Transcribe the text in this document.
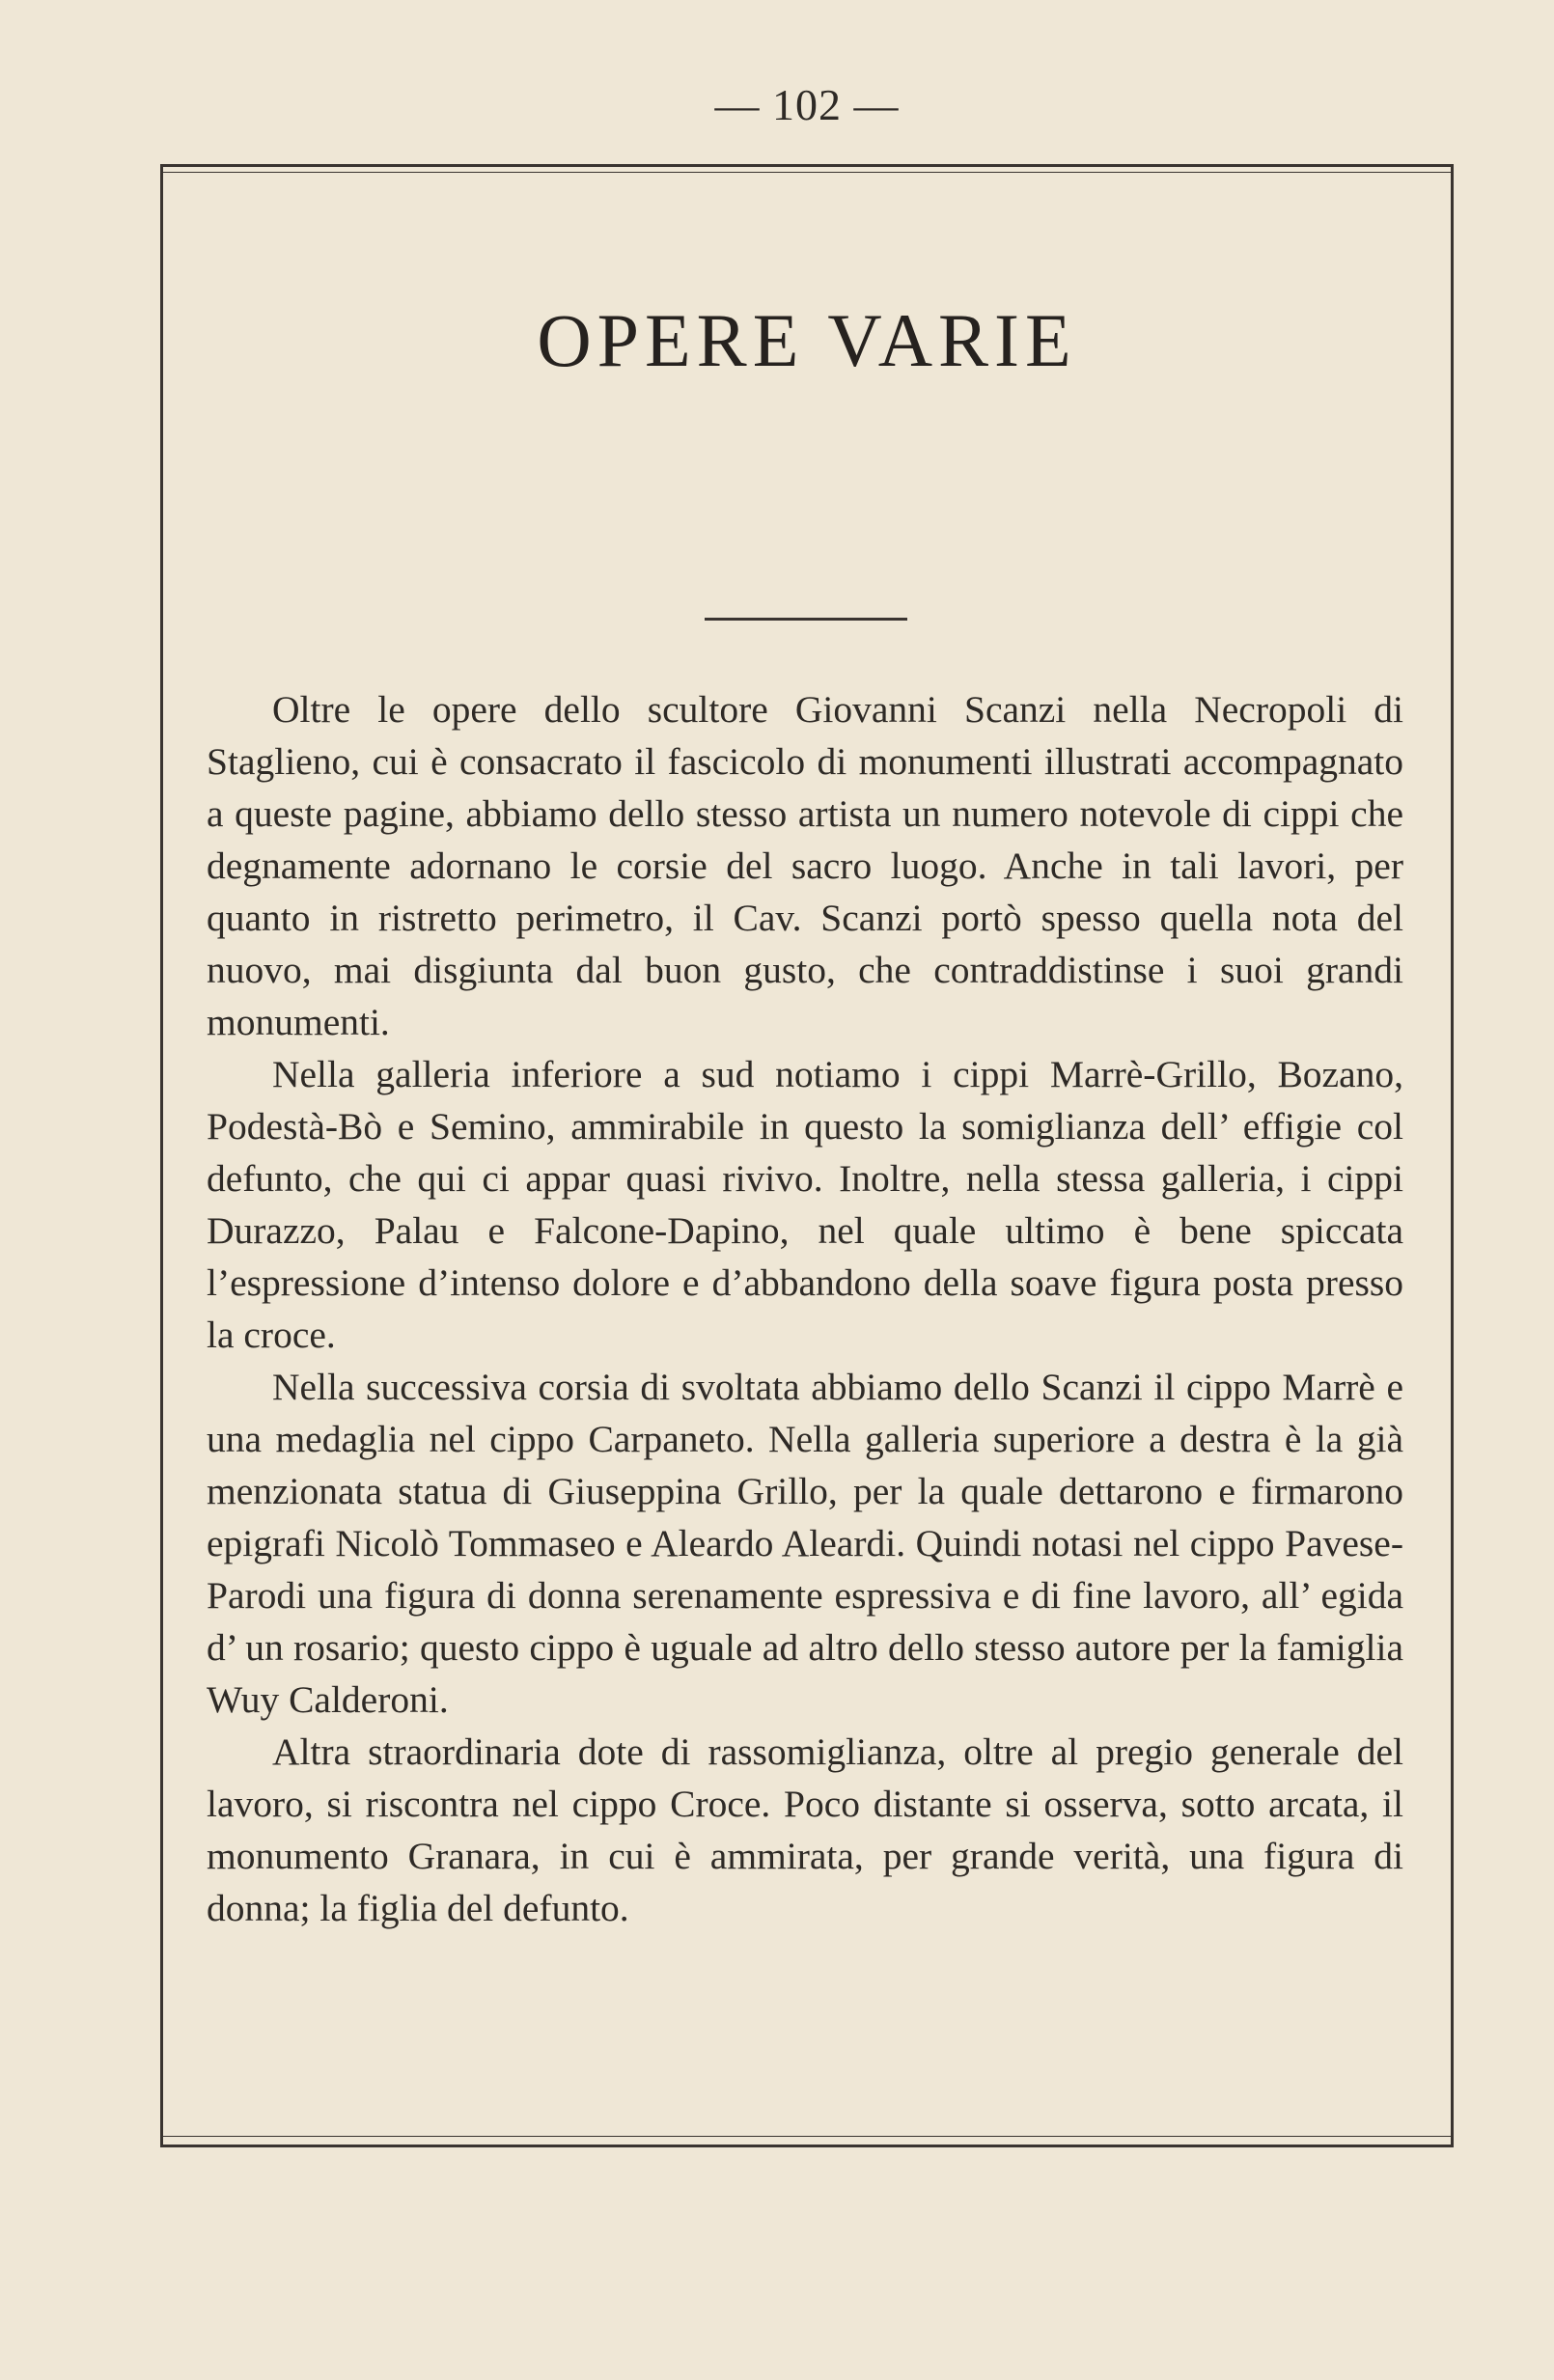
— 102 —
OPERE VARIE

Oltre le opere dello scultore Giovanni Scanzi nella Necropoli di Staglieno, cui è consacrato il fascicolo di monumenti illustrati accompagnato a queste pagine, abbiamo dello stesso artista un numero notevole di cippi che degnamente adornano le corsie del sacro luogo. Anche in tali lavori, per quanto in ristretto perimetro, il Cav. Scanzi portò spesso quella nota del nuovo, mai disgiunta dal buon gusto, che contraddistinse i suoi grandi monumenti.

Nella galleria inferiore a sud notiamo i cippi Marrè-Grillo, Bozano, Podestà-Bò e Semino, ammirabile in questo la somiglianza dell’ effigie col defunto, che qui ci appar quasi rivivo. Inoltre, nella stessa galleria, i cippi Durazzo, Palau e Falcone-Dapino, nel quale ultimo è bene spiccata l’espressione d’intenso dolore e d’abbandono della soave figura posta presso la croce.

Nella successiva corsia di svoltata abbiamo dello Scanzi il cippo Marrè e una medaglia nel cippo Carpaneto. Nella galleria superiore a destra è la già menzionata statua di Giuseppina Grillo, per la quale dettarono e firmarono epigrafi Nicolò Tommaseo e Aleardo Aleardi. Quindi notasi nel cippo Pavese-Parodi una figura di donna serenamente espressiva e di fine lavoro, all’ egida d’ un rosario; questo cippo è uguale ad altro dello stesso autore per la famiglia Wuy Calderoni.

Altra straordinaria dote di rassomiglianza, oltre al pregio generale del lavoro, si riscontra nel cippo Croce. Poco distante si osserva, sotto arcata, il monumento Granara, in cui è ammirata, per grande verità, una figura di donna; la figlia del defunto.
